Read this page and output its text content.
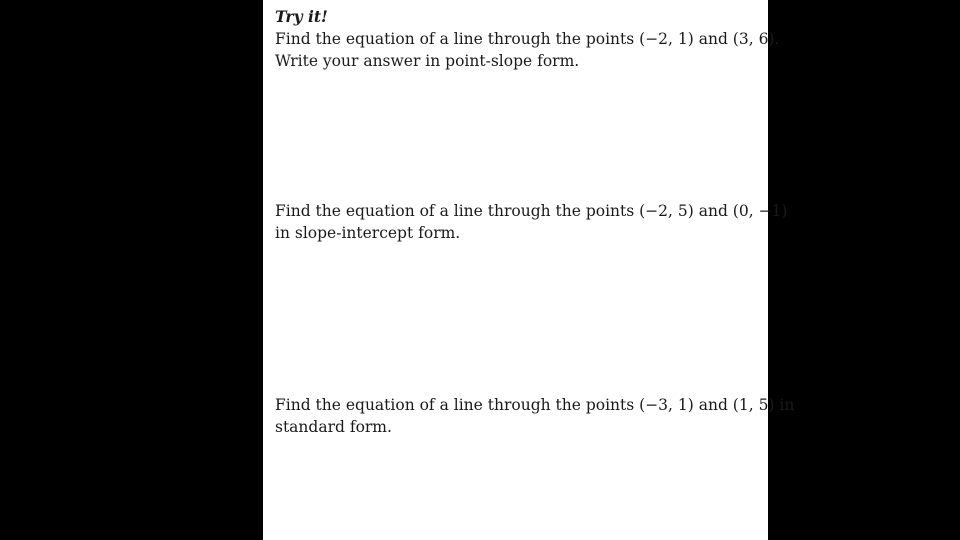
Try it!

Find the equation of a line through the points (−2, 1) and (3, 6).

Write your answer in point-slope form.

Find the equation of a line through the points (−2, 5) and (0, −1)

in slope-intercept form.

Find the equation of a line through the points (−3, 1) and (1, 5) in

standard form.
